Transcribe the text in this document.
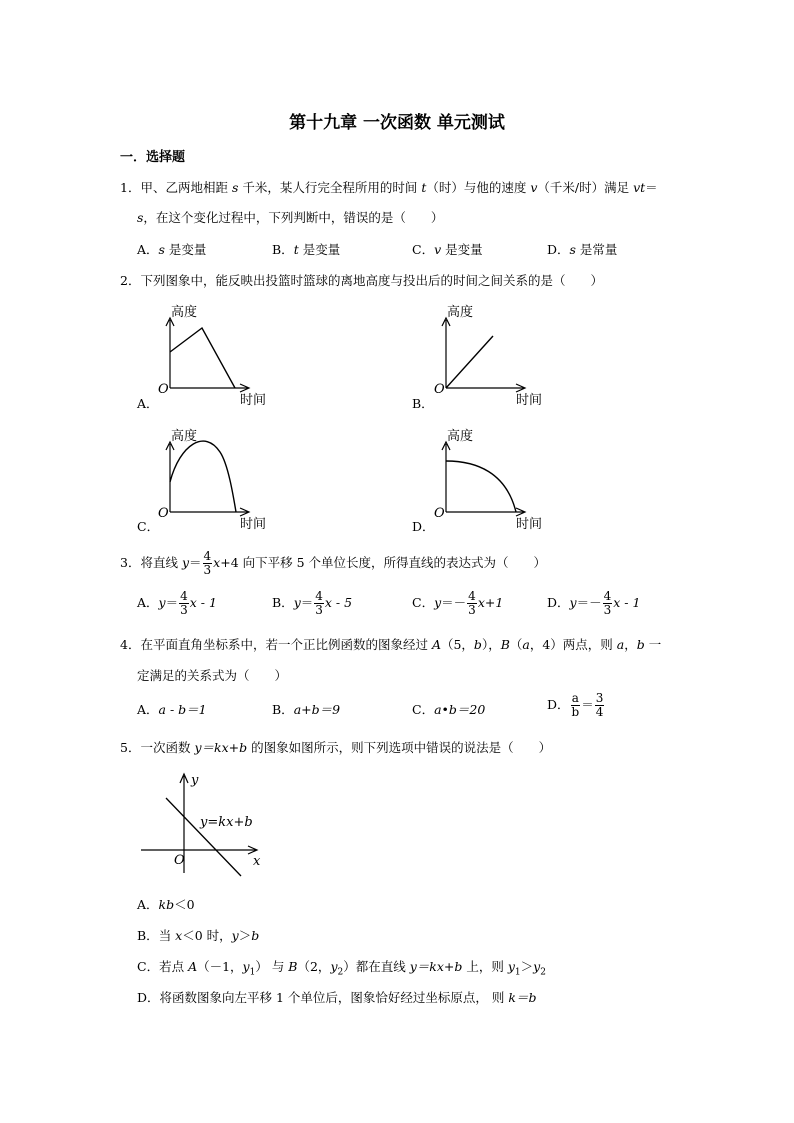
第十九章 一次函数 单元测试
一．选择题
1．甲、乙两地相距 s 千米，某人行完全程所用的时间 t（时）与他的速度 v（千米/时）满足 vt＝
s，在这个变化过程中，下列判断中，错误的是（　　）
A．s 是变量	B．t 是变量	C．v 是变量	D．s 是常量
2．下列图象中，能反映出投篮时篮球的离地高度与投出后的时间之间关系的是（　　）
A．
高度
时间
O
B．
高度
时间
O
C．
高度
时间
O
D．
高度
时间
O
3．将直线 $y= \frac{4}{3} x+4$ 向下平移 5 个单位长度，所得直线的表达式为（　　）
A．$y= \frac{4}{3}$ x - 1	B．$y= \frac{4}{3}$ x - 5	C．$y=- \frac{4}{3} x+1$	D．$y=- \frac{4}{3}$ x - 1
4．在平面直角坐标系中，若一个正比例函数的图象经过 A（5，b），B（a，4）两点，则 a，b 一
定满足的关系式为（　　）
A．a - b＝1	B．a+b＝9	C．a•b＝20	D． $\frac{a}{b} = \frac{3}{4}$
5．一次函数 y＝kx+b 的图象如图所示，则下列选项中错误的说法是（　　）
y
x
O
y=kx+b
A．kb＜0
B．当 x＜0 时，y＞b
C．若点 A（－1，$y_1$） 与 B（2，$y_2$）都在直线 y＝kx+b 上，则 $y_1>y_2$
D．将函数图象向左平移 1 个单位后，图象恰好经过坐标原点， 则 k＝b
